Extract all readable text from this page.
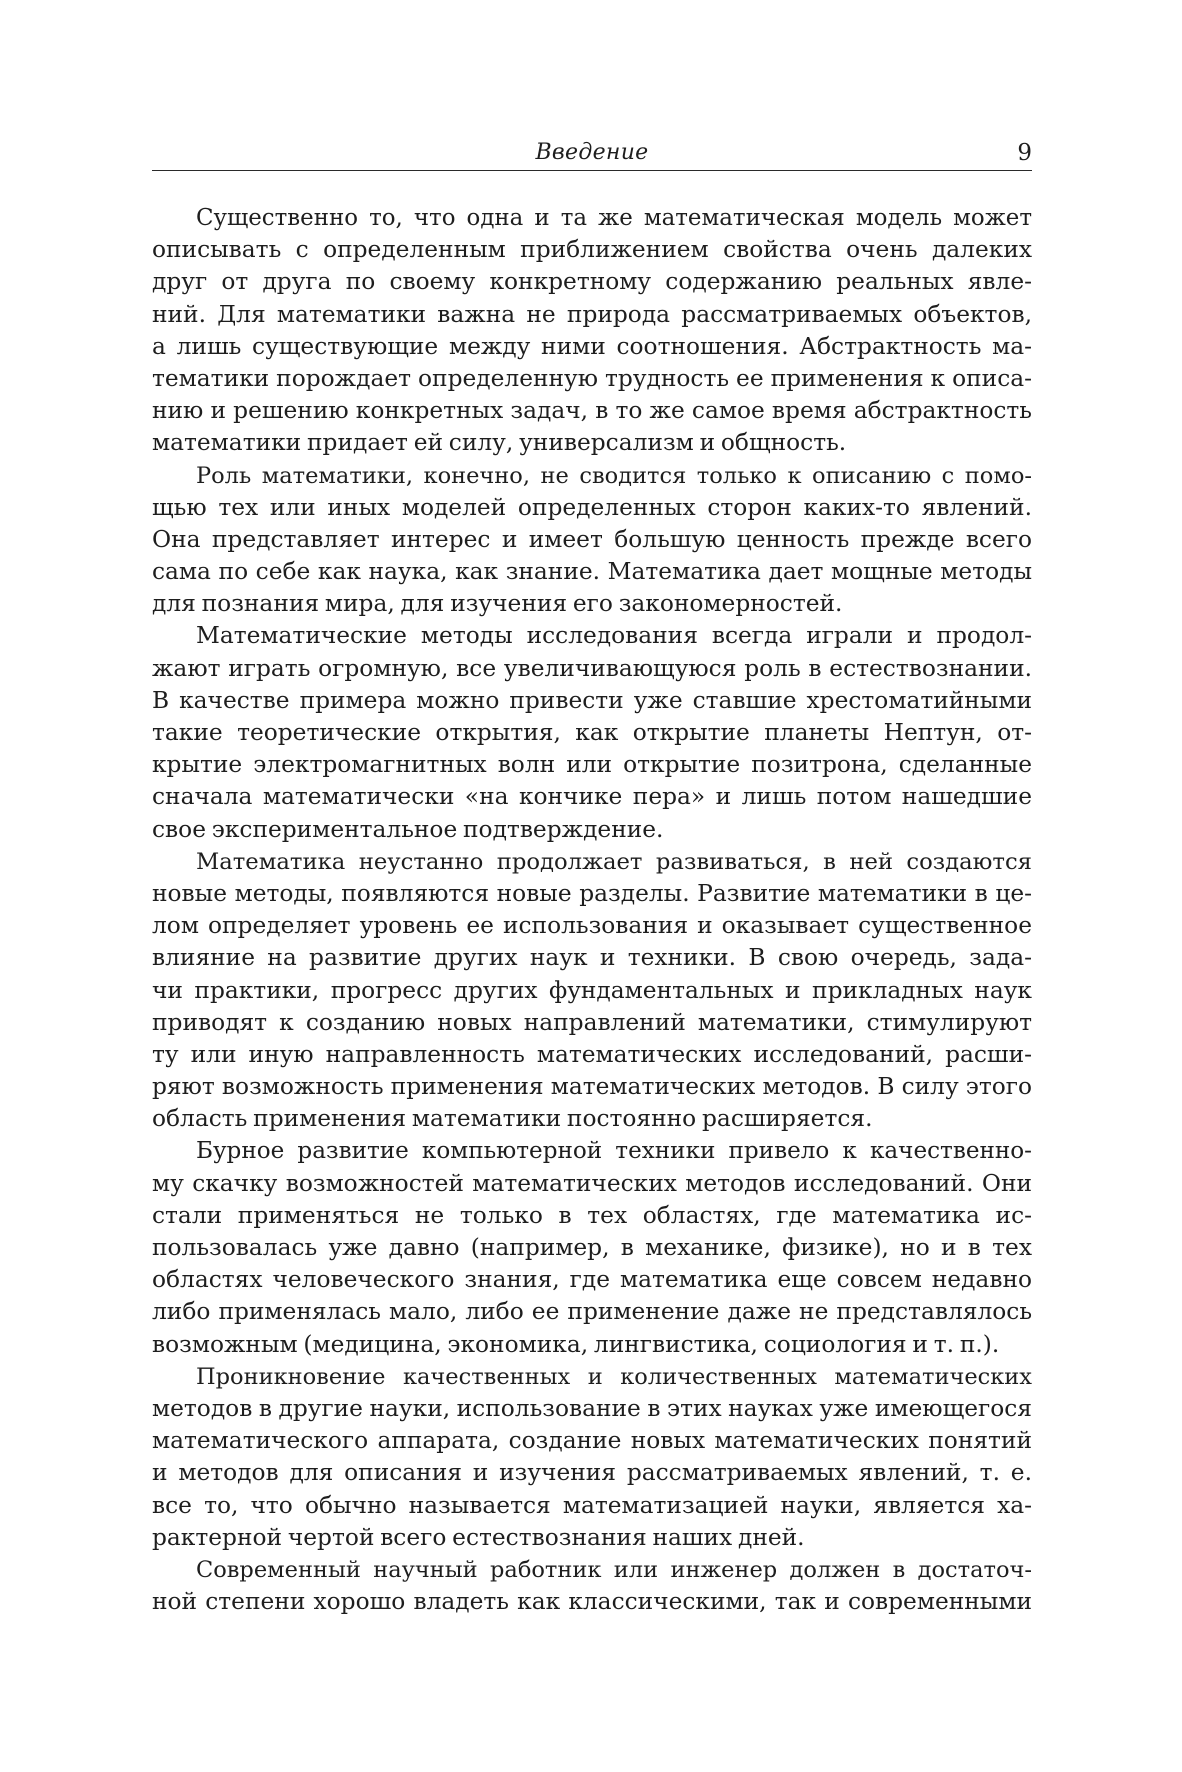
Введение	9
Существенно то, что одна и та же математическая модель может
описывать с определенным приближением свойства очень далеких
друг от друга по своему конкретному содержанию реальных явле-
ний. Для математики важна не природа рассматриваемых объектов,
а лишь существующие между ними соотношения. Абстрактность ма-
тематики порождает определенную трудность ее применения к описа-
нию и решению конкретных задач, в то же самое время абстрактность
математики придает ей силу, универсализм и общность.
Роль математики, конечно, не сводится только к описанию с помо-
щью тех или иных моделей определенных сторон каких-то явлений.
Она представляет интерес и имеет большую ценность прежде всего
сама по себе как наука, как знание. Математика дает мощные методы
для познания мира, для изучения его закономерностей.
Математические методы исследования всегда играли и продол-
жают играть огромную, все увеличивающуюся роль в естествознании.
В качестве примера можно привести уже ставшие хрестоматийными
такие теоретические открытия, как открытие планеты Нептун, от-
крытие электромагнитных волн или открытие позитрона, сделанные
сначала математически «на кончике пера» и лишь потом нашедшие
свое экспериментальное подтверждение.
Математика неустанно продолжает развиваться, в ней создаются
новые методы, появляются новые разделы. Развитие математики в це-
лом определяет уровень ее использования и оказывает существенное
влияние на развитие других наук и техники. В свою очередь, зада-
чи практики, прогресс других фундаментальных и прикладных наук
приводят к созданию новых направлений математики, стимулируют
ту или иную направленность математических исследований, расши-
ряют возможность применения математических методов. В силу этого
область применения математики постоянно расширяется.
Бурное развитие компьютерной техники привело к качественно-
му скачку возможностей математических методов исследований. Они
стали применяться не только в тех областях, где математика ис-
пользовалась уже давно (например, в механике, физике), но и в тех
областях человеческого знания, где математика еще совсем недавно
либо применялась мало, либо ее применение даже не представлялось
возможным (медицина, экономика, лингвистика, социология и т. п.).
Проникновение качественных и количественных математических
методов в другие науки, использование в этих науках уже имеющегося
математического аппарата, создание новых математических понятий
и методов для описания и изучения рассматриваемых явлений, т. е.
все то, что обычно называется математизацией науки, является ха-
рактерной чертой всего естествознания наших дней.
Современный научный работник или инженер должен в достаточ-
ной степени хорошо владеть как классическими, так и современными
